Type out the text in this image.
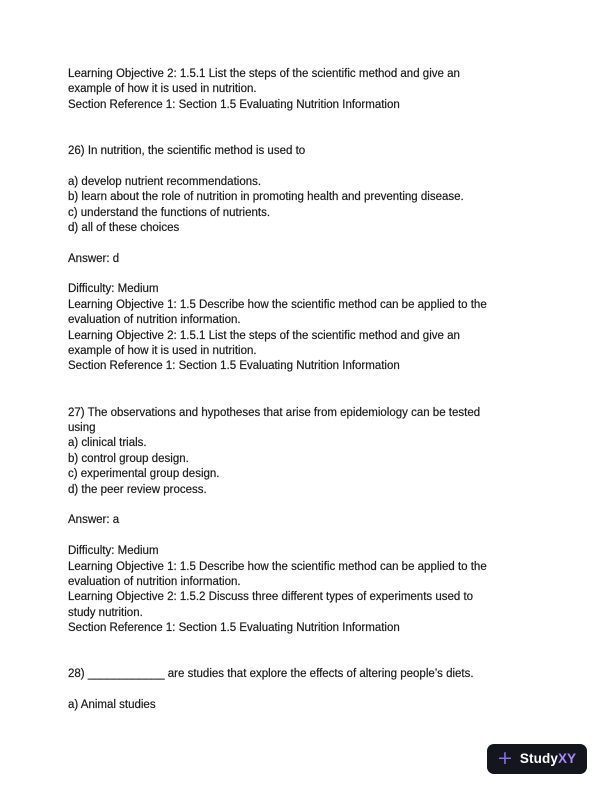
Learning Objective 2: 1.5.1 List the steps of the scientific method and give an
example of how it is used in nutrition.
Section Reference 1: Section 1.5 Evaluating Nutrition Information
26) In nutrition, the scientific method is used to
a) develop nutrient recommendations.
b) learn about the role of nutrition in promoting health and preventing disease.
c) understand the functions of nutrients.
d) all of these choices
Answer: d
Difficulty: Medium
Learning Objective 1: 1.5 Describe how the scientific method can be applied to the
evaluation of nutrition information.
Learning Objective 2: 1.5.1 List the steps of the scientific method and give an
example of how it is used in nutrition.
Section Reference 1: Section 1.5 Evaluating Nutrition Information
27) The observations and hypotheses that arise from epidemiology can be tested
using
a) clinical trials.
b) control group design.
c) experimental group design.
d) the peer review process.
Answer: a
Difficulty: Medium
Learning Objective 1: 1.5 Describe how the scientific method can be applied to the
evaluation of nutrition information.
Learning Objective 2: 1.5.2 Discuss three different types of experiments used to
study nutrition.
Section Reference 1: Section 1.5 Evaluating Nutrition Information
28) ____________ are studies that explore the effects of altering people’s diets.
a) Animal studies
+ StudyXY
